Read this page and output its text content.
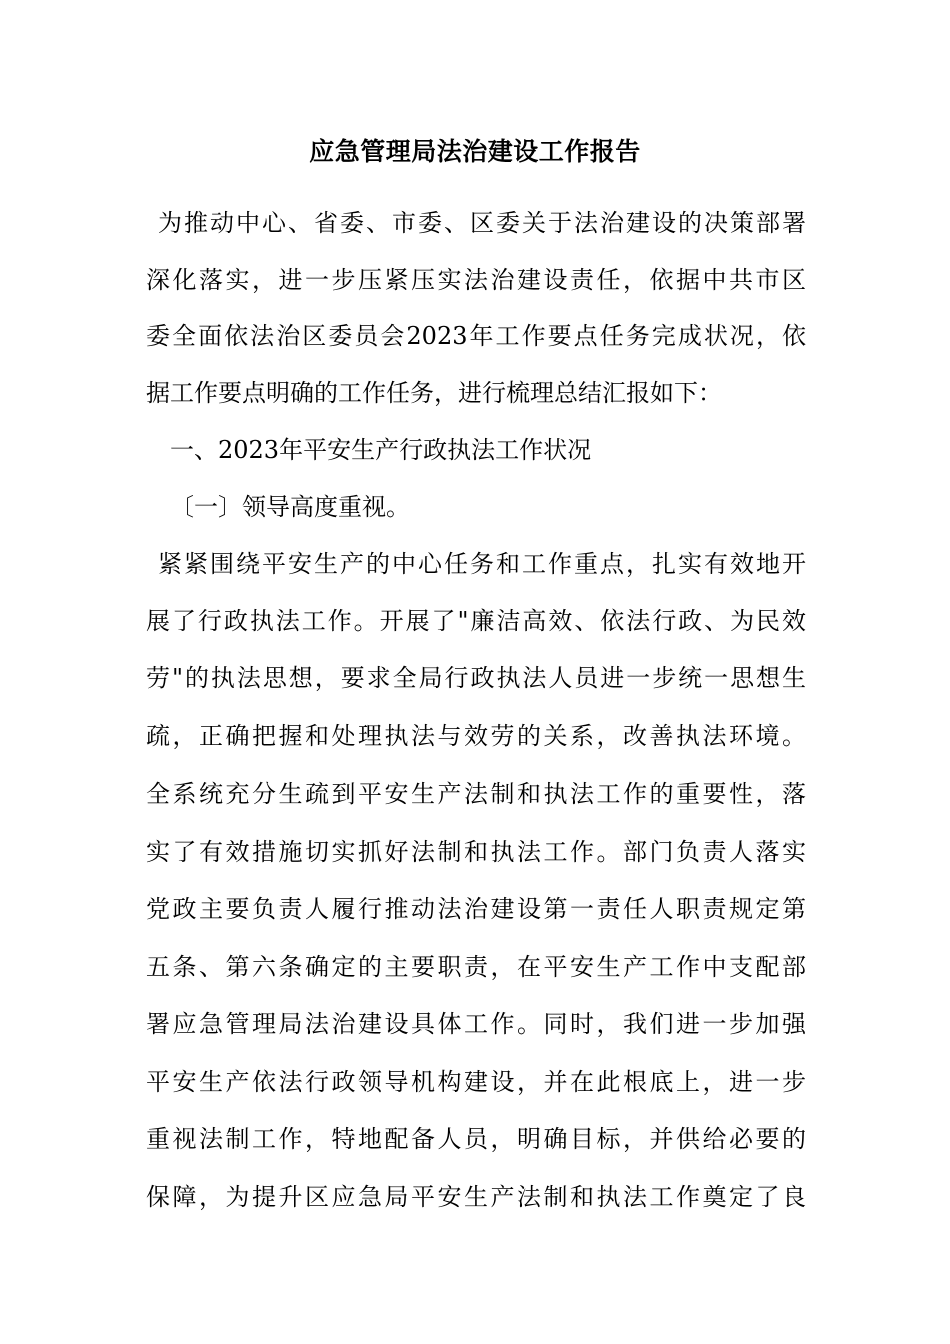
应急管理局法治建设工作报告
为推动中心、省委、市委、区委关于法治建设的决策部署
深化落实，进一步压紧压实法治建设责任，依据中共市区
委全面依法治区委员会2023年工作要点任务完成状况，依
据工作要点明确的工作任务，进行梳理总结汇报如下：
一、2023年平安生产行政执法工作状况
〔一〕领导高度重视。
紧紧围绕平安生产的中心任务和工作重点，扎实有效地开
展了行政执法工作。开展了"廉洁高效、依法行政、为民效
劳"的执法思想，要求全局行政执法人员进一步统一思想生
疏，正确把握和处理执法与效劳的关系，改善执法环境。
全系统充分生疏到平安生产法制和执法工作的重要性，落
实了有效措施切实抓好法制和执法工作。部门负责人落实
党政主要负责人履行推动法治建设第一责任人职责规定第
五条、第六条确定的主要职责，在平安生产工作中支配部
署应急管理局法治建设具体工作。同时，我们进一步加强
平安生产依法行政领导机构建设，并在此根底上，进一步
重视法制工作，特地配备人员，明确目标，并供给必要的
保障，为提升区应急局平安生产法制和执法工作奠定了良
